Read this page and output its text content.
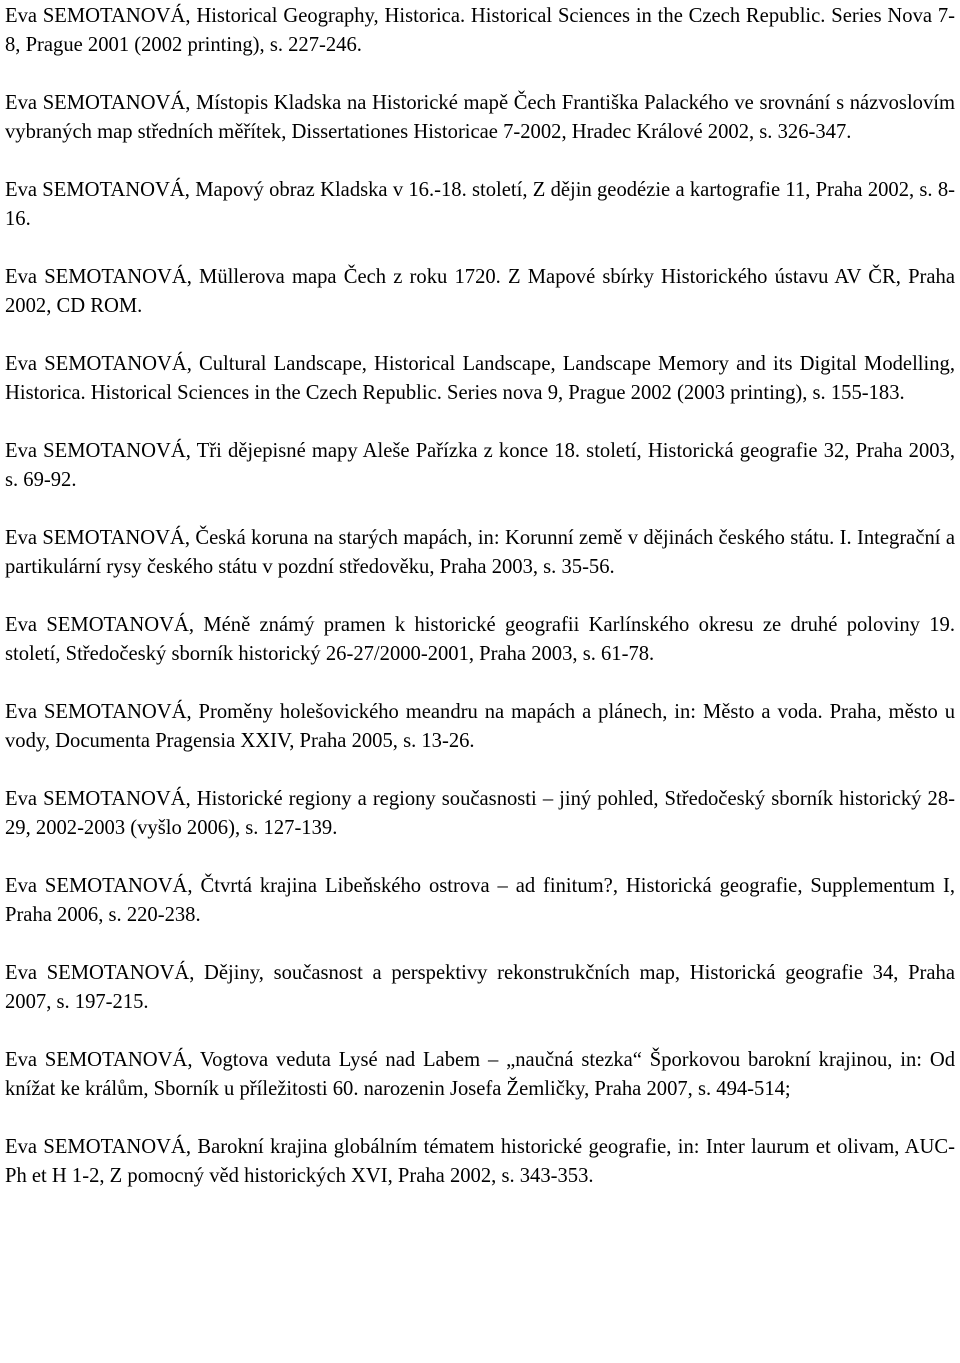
Eva SEMOTANOVÁ, Historical Geography, Historica. Historical Sciences in the Czech Republic. Series Nova 7-8, Prague 2001 (2002 printing), s. 227-246.

Eva SEMOTANOVÁ, Místopis Kladska na Historické mapě Čech Františka Palackého ve srovnání s názvoslovím vybraných map středních měřítek, Dissertationes Historicae 7-2002, Hradec Králové 2002, s. 326-347.

Eva SEMOTANOVÁ, Mapový obraz Kladska v 16.-18. století, Z dějin geodézie a kartografie 11, Praha 2002, s. 8-16.

Eva SEMOTANOVÁ, Müllerova mapa Čech z roku 1720. Z Mapové sbírky Historického ústavu AV ČR, Praha 2002, CD ROM.

Eva SEMOTANOVÁ, Cultural Landscape, Historical Landscape, Landscape Memory and its Digital Modelling, Historica. Historical Sciences in the Czech Republic. Series nova 9, Prague 2002 (2003 printing), s. 155-183.

Eva SEMOTANOVÁ, Tři dějepisné mapy Aleše Pařízka z konce 18. století, Historická geografie 32, Praha 2003, s. 69-92.

Eva SEMOTANOVÁ, Česká koruna na starých mapách, in: Korunní země v dějinách českého státu. I. Integrační a partikulární rysy českého státu v pozdní středověku, Praha 2003, s. 35-56.

Eva SEMOTANOVÁ, Méně známý pramen k historické geografii Karlínského okresu ze druhé poloviny 19. století, Středočeský sborník historický 26-27/2000-2001, Praha 2003, s. 61-78.

Eva SEMOTANOVÁ, Proměny holešovického meandru na mapách a plánech, in: Město a voda. Praha, město u vody, Documenta Pragensia XXIV, Praha 2005, s. 13-26.

Eva SEMOTANOVÁ, Historické regiony a regiony současnosti – jiný pohled, Středočeský sborník historický 28-29, 2002-2003 (vyšlo 2006), s. 127-139.

Eva SEMOTANOVÁ, Čtvrtá krajina Libeňského ostrova – ad finitum?, Historická geografie, Supplementum I, Praha 2006, s. 220-238.

Eva SEMOTANOVÁ, Dějiny, současnost a perspektivy rekonstrukčních map, Historická geografie 34, Praha 2007, s. 197-215.

Eva SEMOTANOVÁ, Vogtova veduta Lysé nad Labem – „naučná stezka“ Šporkovou barokní krajinou, in: Od knížat ke králům, Sborník u příležitosti 60. narozenin Josefa Žemličky, Praha 2007, s. 494-514;

Eva SEMOTANOVÁ, Barokní krajina globálním tématem historické geografie, in: Inter laurum et olivam, AUC-Ph et H 1-2, Z pomocný věd historických XVI, Praha 2002, s. 343-353.
